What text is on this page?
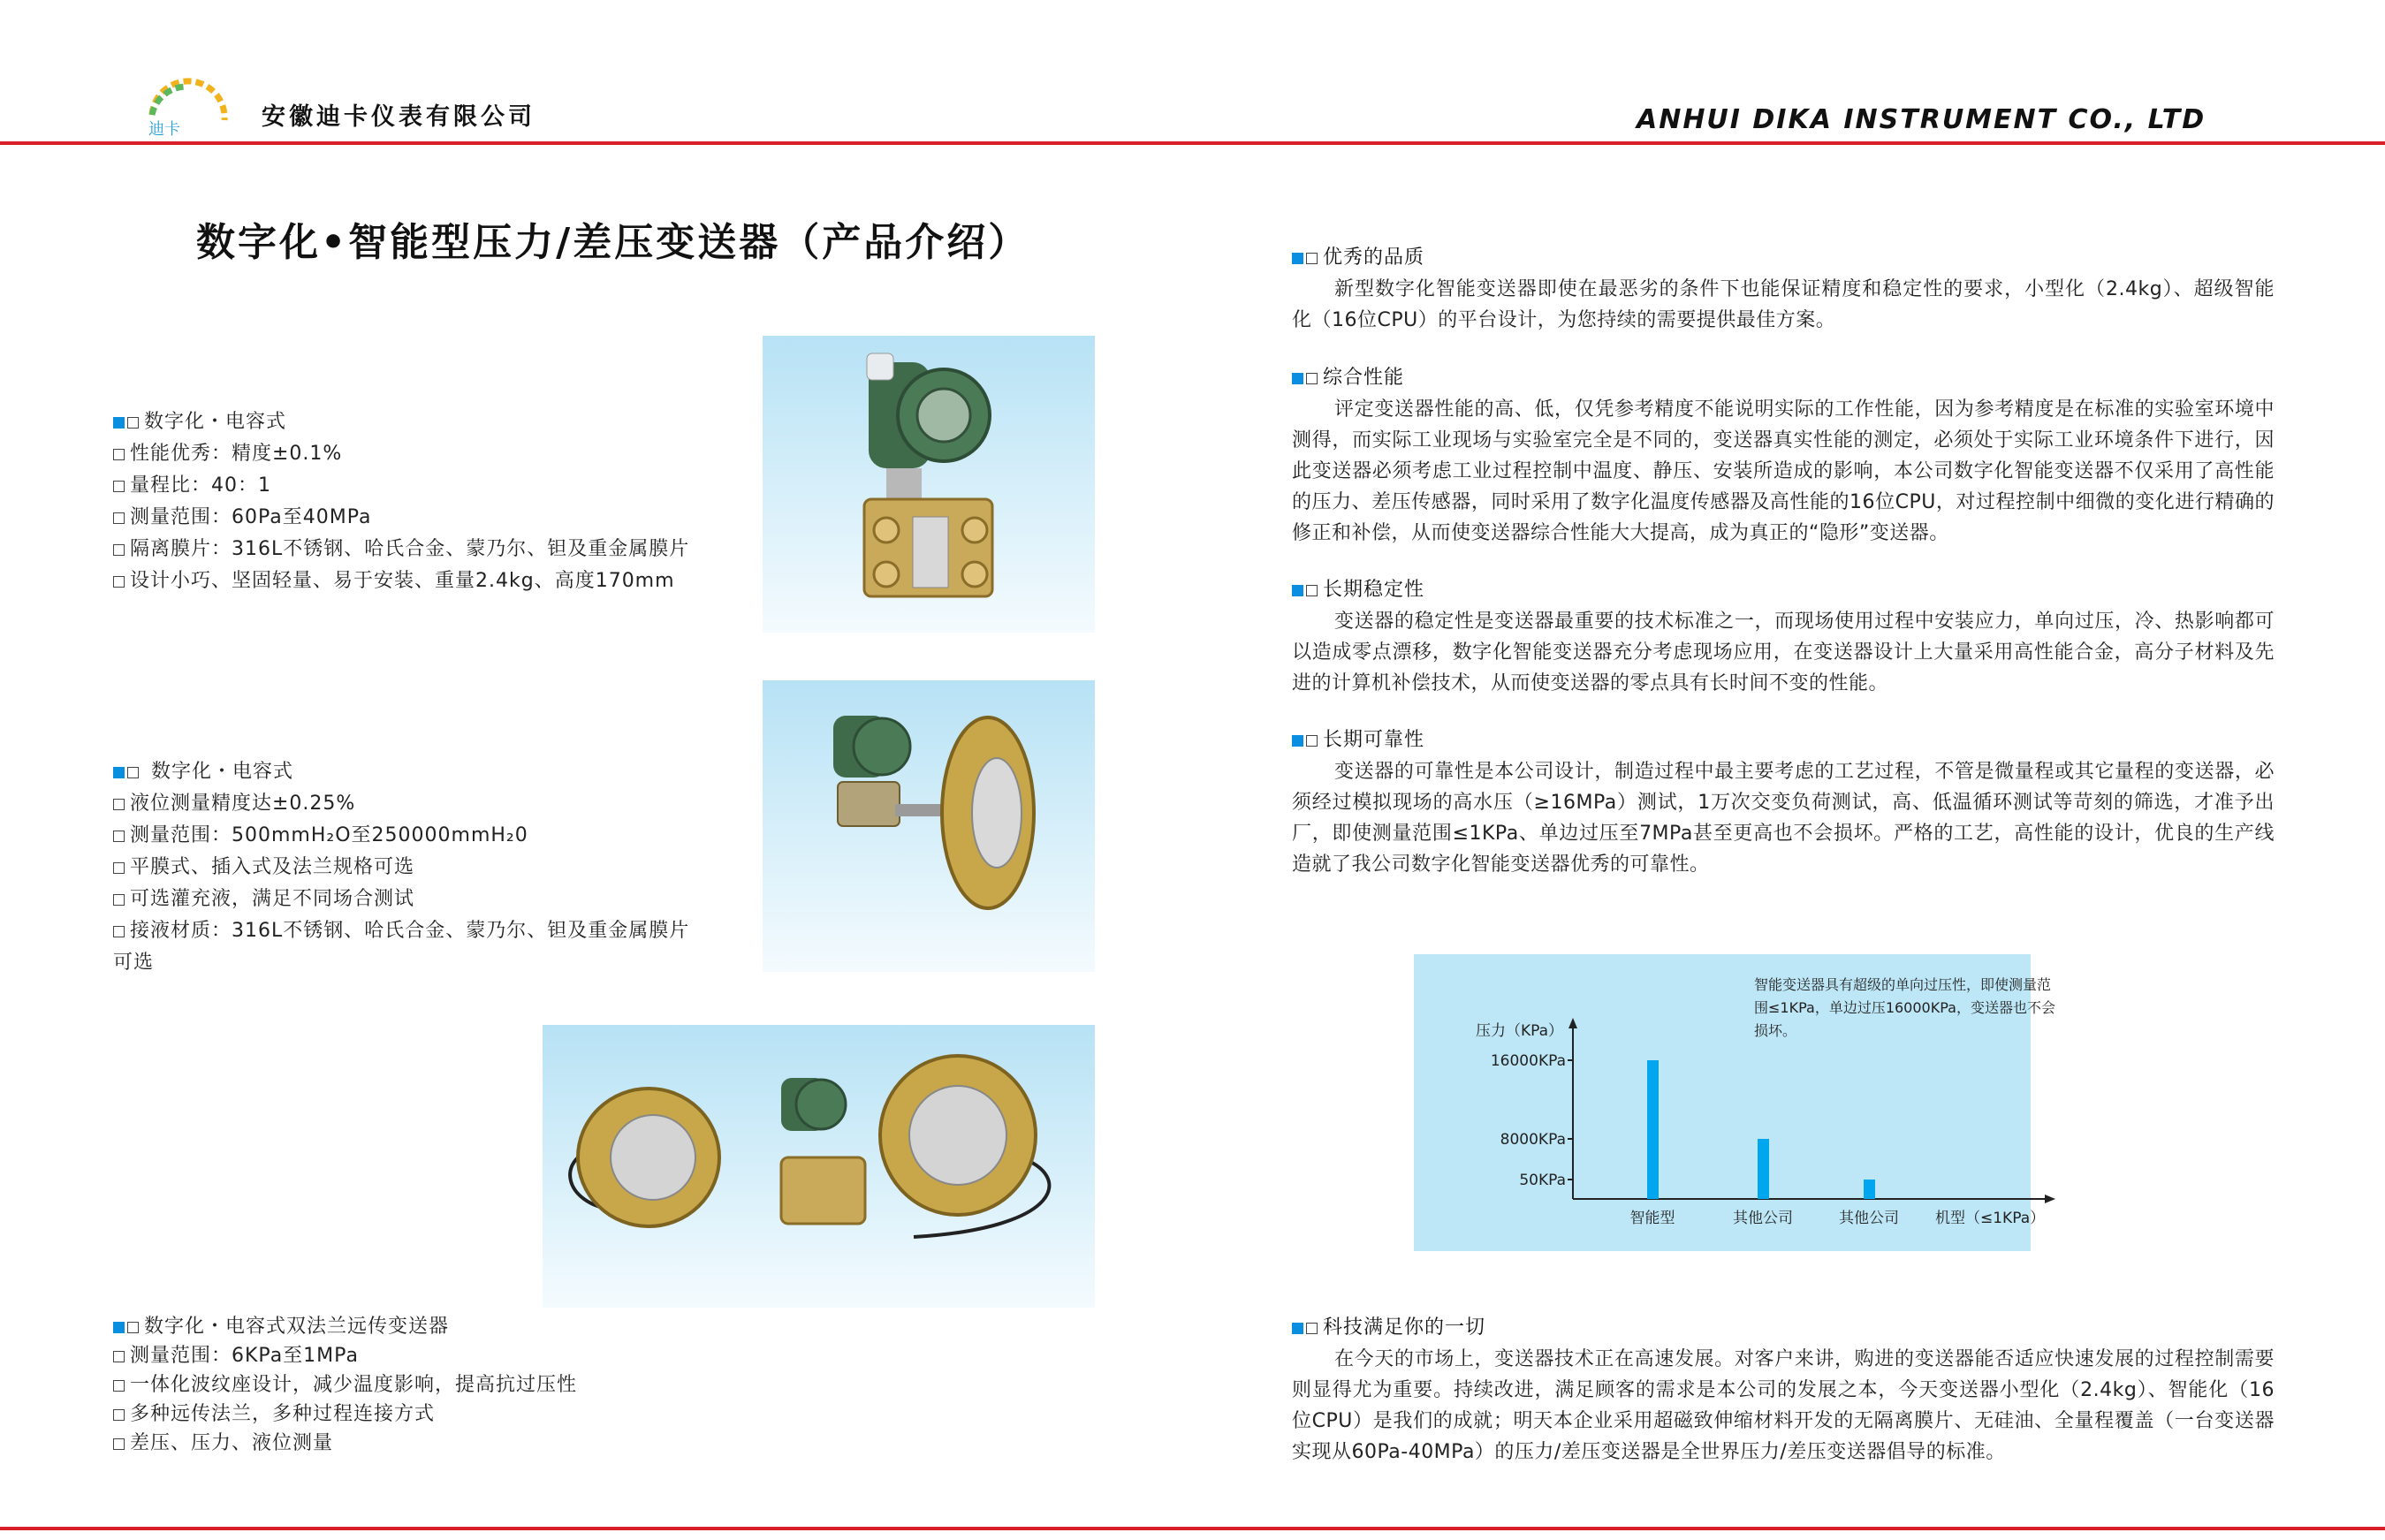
迪卡	安徽迪卡仪表有限公司	ANHUI DIKA INSTRUMENT CO., LTD
数字化•智能型压力/差压变送器（产品介绍）
数字化・电容式
性能优秀：精度±0.1%
量程比：40：1
测量范围：60Pa至40MPa
隔离膜片：316L不锈钢、哈氏合金、蒙乃尔、钽及重金属膜片
设计小巧、坚固轻量、易于安装、重量2.4kg、高度170mm
数字化・电容式
液位测量精度达±0.25%
测量范围：500mmH₂O至250000mmH₂0
平膜式、插入式及法兰规格可选
可选灌充液，满足不同场合测试
接液材质：316L不锈钢、哈氏合金、蒙乃尔、钽及重金属膜片
可选
数字化・电容式双法兰远传变送器
测量范围：6KPa至1MPa
一体化波纹座设计，减少温度影响，提高抗过压性
多种远传法兰，多种过程连接方式
差压、压力、液位测量
优秀的品质
新型数字化智能变送器即使在最恶劣的条件下也能保证精度和稳定性的要求，小型化（2.4kg）、超级智能化（16位CPU）的平台设计，为您持续的需要提供最佳方案。
综合性能
评定变送器性能的高、低，仅凭参考精度不能说明实际的工作性能，因为参考精度是在标准的实验室环境中测得，而实际工业现场与实验室完全是不同的，变送器真实性能的测定，必须处于实际工业环境条件下进行，因此变送器必须考虑工业过程控制中温度、静压、安装所造成的影响，本公司数字化智能变送器不仅采用了高性能的压力、差压传感器，同时采用了数字化温度传感器及高性能的16位CPU，对过程控制中细微的变化进行精确的修正和补偿，从而使变送器综合性能大大提高，成为真正的“隐形”变送器。
长期稳定性
变送器的稳定性是变送器最重要的技术标准之一，而现场使用过程中安装应力，单向过压，冷、热影响都可以造成零点漂移，数字化智能变送器充分考虑现场应用，在变送器设计上大量采用高性能合金，高分子材料及先进的计算机补偿技术，从而使变送器的零点具有长时间不变的性能。
长期可靠性
变送器的可靠性是本公司设计，制造过程中最主要考虑的工艺过程，不管是微量程或其它量程的变送器，必须经过模拟现场的高水压（≥16MPa）测试，1万次交变负荷测试，高、低温循环测试等苛刻的筛选，才准予出厂，即使测量范围≤1KPa、单边过压至7MPa甚至更高也不会损坏。严格的工艺，高性能的设计，优良的生产线造就了我公司数字化智能变送器优秀的可靠性。
压力（KPa）
智能变送器具有超级的单向过压性，即使测量范
围≤1KPa，单边过压16000KPa，变送器也不会
损坏。
16000KPa
8000KPa
50KPa
智能型	其他公司	其他公司 机型（≤1KPa）
科技满足你的一切
在今天的市场上，变送器技术正在高速发展。对客户来讲，购进的变送器能否适应快速发展的过程控制需要则显得尤为重要。持续改进，满足顾客的需求是本公司的发展之本，今天变送器小型化（2.4kg）、智能化（16位CPU）是我们的成就；明天本企业采用超磁致伸缩材料开发的无隔离膜片、无硅油、全量程覆盖（一台变送器实现从60Pa-40MPa）的压力/差压变送器是全世界压力/差压变送器倡导的标准。
